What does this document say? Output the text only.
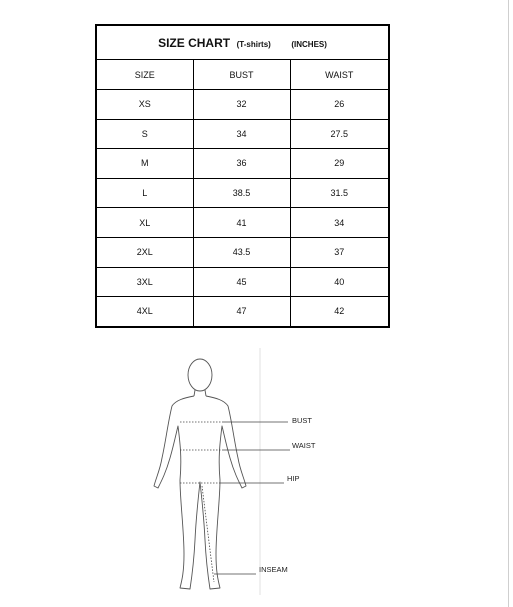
SIZE CHART (T-shirts) (INCHES)		
SIZE	BUST	WAIST
XS	32	26
S	34	27.5
M	36	29
L	38.5	31.5
XL	41	34
2XL	43.5	37
3XL	45	40
4XL	47	42
BUST
WAIST
HIP
INSEAM
